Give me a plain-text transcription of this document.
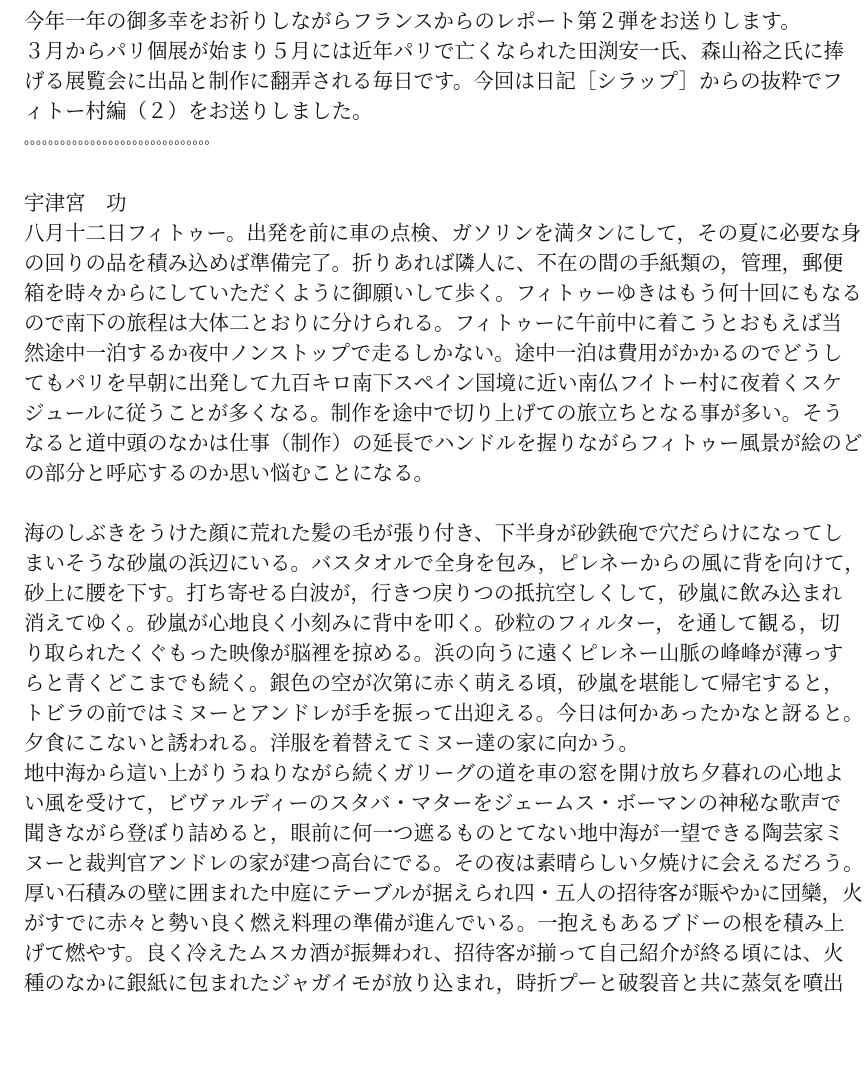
今年一年の御多幸をお祈りしながらフランスからのレポート第２弾をお送りします。
３月からパリ個展が始まり５月には近年パリで亡くなられた田渕安一氏、森山裕之氏に捧
げる展覧会に出品と制作に翻弄される毎日です。今回は日記［シラップ］からの抜粋でフ
ィトー村編（２）をお送りしました。
ooooooooooooooooooooooooooooooo
宇津宮　功
八月十二日フィトゥー。出発を前に車の点検、ガソリンを満タンにして，その夏に必要な身
の回りの品を積み込めば準備完了。折りあれば隣人に、不在の間の手紙類の，管理，郵便
箱を時々からにしていただくように御願いして歩く。フィトゥーゆきはもう何十回にもなる
ので南下の旅程は大体二とおりに分けられる。フィトゥーに午前中に着こうとおもえば当
然途中一泊するか夜中ノンストップで走るしかない。途中一泊は費用がかかるのでどうし
てもパリを早朝に出発して九百キロ南下スペイン国境に近い南仏フイトー村に夜着くスケ
ジュールに従うことが多くなる。制作を途中で切り上げての旅立ちとなる事が多い。そう
なると道中頭のなかは仕事（制作）の延長でハンドルを握りながらフィトゥー風景が絵のど
の部分と呼応するのか思い悩むことになる。
海のしぶきをうけた顔に荒れた髪の毛が張り付き、下半身が砂鉄砲で穴だらけになってし
まいそうな砂嵐の浜辺にいる。バスタオルで全身を包み，ピレネーからの風に背を向けて，
砂上に腰を下す。打ち寄せる白波が，行きつ戻りつの抵抗空しくして，砂嵐に飲み込まれ
消えてゆく。砂嵐が心地良く小刻みに背中を叩く。砂粒のフィルター，を通して観る，切
り取られたくぐもった映像が脳裡を掠める。浜の向うに遠くピレネー山脈の峰峰が薄っす
らと青くどこまでも続く。銀色の空が次第に赤く萌える頃，砂嵐を堪能して帰宅すると，
トビラの前ではミヌーとアンドレが手を振って出迎える。今日は何かあったかなと訝ると。
夕食にこないと誘われる。洋服を着替えてミヌー達の家に向かう。
地中海から這い上がりうねりながら続くガリーグの道を車の窓を開け放ち夕暮れの心地よ
い風を受けて，ビヴァルディーのスタバ・マターをジェームス・ボーマンの神秘な歌声で
聞きながら登ぼり詰めると，眼前に何一つ遮るものとてない地中海が一望できる陶芸家ミ
ヌーと裁判官アンドレの家が建つ高台にでる。その夜は素晴らしい夕焼けに会えるだろう。
厚い石積みの壁に囲まれた中庭にテーブルが据えられ四・五人の招待客が賑やかに団欒，火
がすでに赤々と勢い良く燃え料理の準備が進んでいる。一抱えもあるブドーの根を積み上
げて燃やす。良く冷えたムスカ酒が振舞われ、招待客が揃って自己紹介が終る頃には、火
種のなかに銀紙に包まれたジャガイモが放り込まれ，時折プーと破裂音と共に蒸気を噴出
